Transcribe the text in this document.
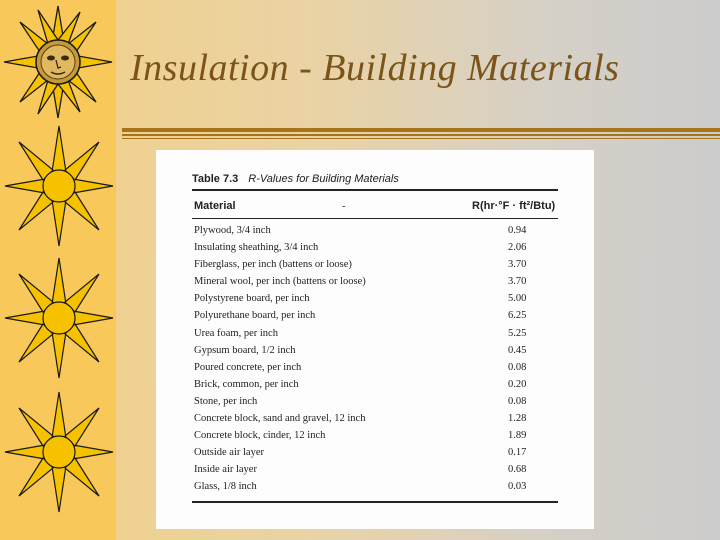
Insulation - Building Materials
Table 7.3 R-Values for Building Materials
Material	-	R(hr·°F · ft²/Btu)
Plywood, 3/4 inch	0.94
Insulating sheathing, 3/4 inch	2.06
Fiberglass, per inch (battens or loose)	3.70
Mineral wool, per inch (battens or loose)	3.70
Polystyrene board, per inch	5.00
Polyurethane board, per inch	6.25
Urea foam, per inch	5.25
Gypsum board, 1/2 inch	0.45
Poured concrete, per inch	0.08
Brick, common, per inch	0.20
Stone, per inch	0.08
Concrete block, sand and gravel, 12 inch	1.28
Concrete block, cinder, 12 inch	1.89
Outside air layer	0.17
Inside air layer	0.68
Glass, 1/8 inch	0.03
